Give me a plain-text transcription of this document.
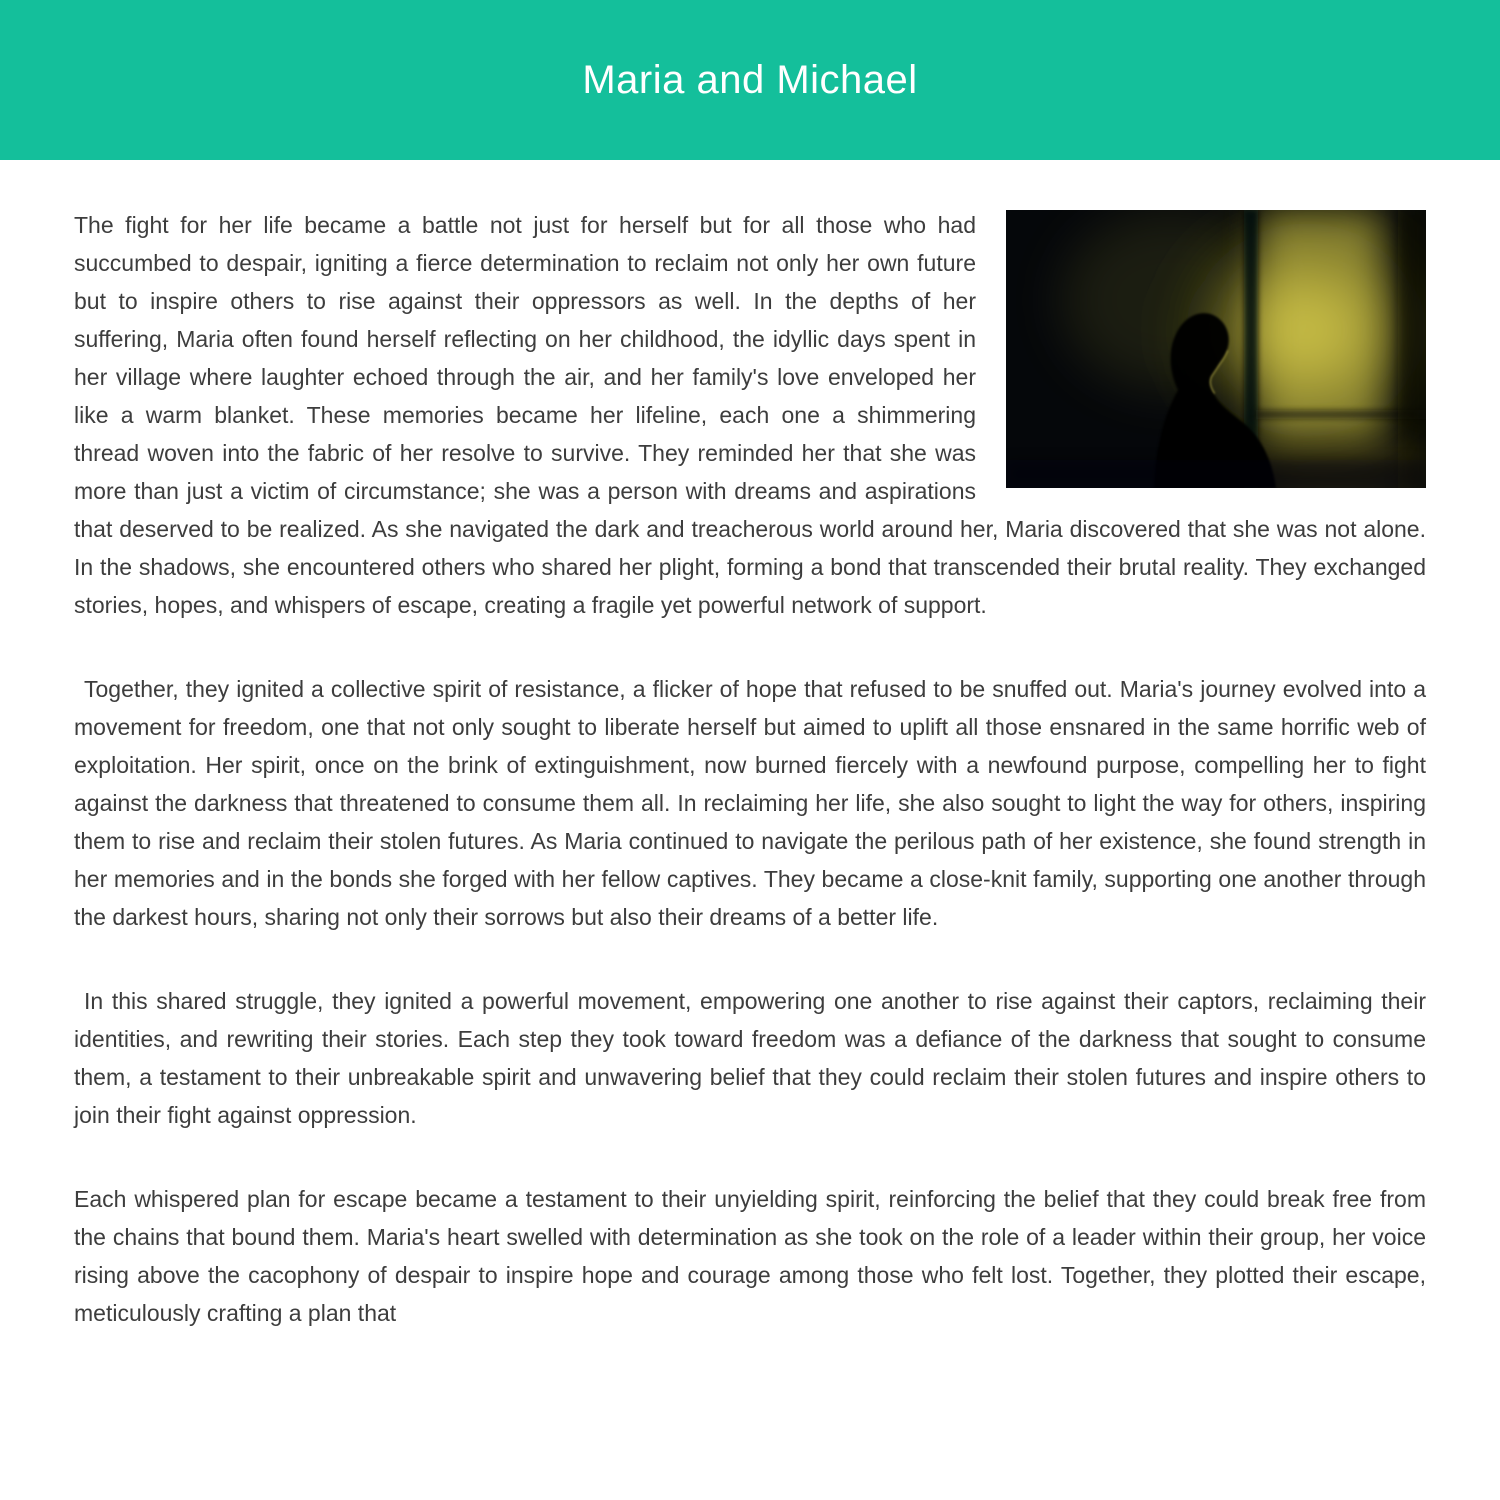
Maria and Michael

The fight for her life became a battle not just for herself but for all those who had succumbed to despair, igniting a fierce determination to reclaim not only her own future but to inspire others to rise against their oppressors as well. In the depths of her suffering, Maria often found herself reflecting on her childhood, the idyllic days spent in her village where laughter echoed through the air, and her family's love enveloped her like a warm blanket. These memories became her lifeline, each one a shimmering thread woven into the fabric of her resolve to survive. They reminded her that she was more than just a victim of circumstance; she was a person with dreams and aspirations that deserved to be realized. As she navigated the dark and treacherous world around her, Maria discovered that she was not alone. In the shadows, she encountered others who shared her plight, forming a bond that transcended their brutal reality. They exchanged stories, hopes, and whispers of escape, creating a fragile yet powerful network of support.

Together, they ignited a collective spirit of resistance, a flicker of hope that refused to be snuffed out. Maria's journey evolved into a movement for freedom, one that not only sought to liberate herself but aimed to uplift all those ensnared in the same horrific web of exploitation. Her spirit, once on the brink of extinguishment, now burned fiercely with a newfound purpose, compelling her to fight against the darkness that threatened to consume them all. In reclaiming her life, she also sought to light the way for others, inspiring them to rise and reclaim their stolen futures. As Maria continued to navigate the perilous path of her existence, she found strength in her memories and in the bonds she forged with her fellow captives. They became a close-knit family, supporting one another through the darkest hours, sharing not only their sorrows but also their dreams of a better life.

In this shared struggle, they ignited a powerful movement, empowering one another to rise against their captors, reclaiming their identities, and rewriting their stories. Each step they took toward freedom was a defiance of the darkness that sought to consume them, a testament to their unbreakable spirit and unwavering belief that they could reclaim their stolen futures and inspire others to join their fight against oppression.

Each whispered plan for escape became a testament to their unyielding spirit, reinforcing the belief that they could break free from the chains that bound them. Maria's heart swelled with determination as she took on the role of a leader within their group, her voice rising above the cacophony of despair to inspire hope and courage among those who felt lost. Together, they plotted their escape, meticulously crafting a plan that
